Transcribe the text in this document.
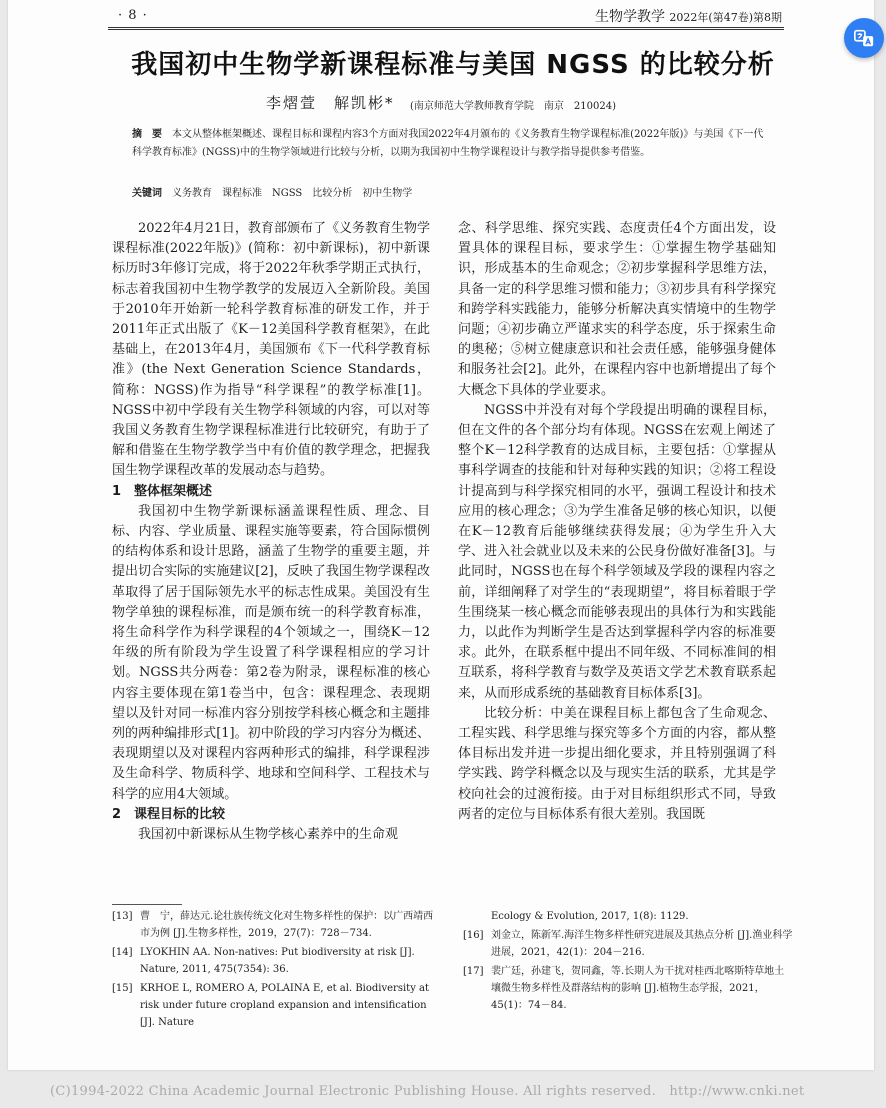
· 8 ·	生物学教学 2022年(第47卷)第8期
我国初中生物学新课程标准与美国 NGSS 的比较分析
李熠萱　解凯彬* (南京师范大学教师教育学院　南京　210024)
摘　要 本文从整体框架概述、课程目标和课程内容3个方面对我国2022年4月颁布的《义务教育生物学课程标准(2022年版)》与美国《下一代科学教育标准》(NGSS)中的生物学领域进行比较与分析，以期为我国初中生物学课程设计与教学指导提供参考借鉴。
关键词 义务教育　课程标准　NGSS　比较分析　初中生物学

2022年4月21日，教育部颁布了《义务教育生物学课程标准(2022年版)》(简称：初中新课标)，初中新课标历时3年修订完成，将于2022年秋季学期正式执行，标志着我国初中生物学教学的发展迈入全新阶段。美国于2010年开始新一轮科学教育标准的研发工作，并于2011年正式出版了《K－12美国科学教育框架》，在此基础上，在2013年4月，美国颁布《下一代科学教育标准》(the Next Generation Science Standards，简称：NGSS)作为指导“科学课程”的教学标准[1]。NGSS中初中学段有关生物学科领域的内容，可以对等我国义务教育生物学课程标准进行比较研究，有助于了解和借鉴在生物学教学当中有价值的教学理念，把握我国生物学课程改革的发展动态与趋势。

1　整体框架概述

我国初中生物学新课标涵盖课程性质、理念、目标、内容、学业质量、课程实施等要素，符合国际惯例的结构体系和设计思路，涵盖了生物学的重要主题，并提出切合实际的实施建议[2]，反映了我国生物学课程改革取得了居于国际领先水平的标志性成果。美国没有生物学单独的课程标准，而是颁布统一的科学教育标准，将生命科学作为科学课程的4个领域之一，围绕K－12年级的所有阶段为学生设置了科学课程相应的学习计划。NGSS共分两卷：第2卷为附录，课程标准的核心内容主要体现在第1卷当中，包含：课程理念、表现期望以及针对同一标准内容分别按学科核心概念和主题排列的两种编排形式[1]。初中阶段的学习内容分为概述、表现期望以及对课程内容两种形式的编排，科学课程涉及生命科学、物质科学、地球和空间科学、工程技术与科学的应用4大领域。

2　课程目标的比较

我国初中新课标从生物学核心素养中的生命观

念、科学思维、探究实践、态度责任4个方面出发，设置具体的课程目标，要求学生：①掌握生物学基础知识，形成基本的生命观念；②初步掌握科学思维方法，具备一定的科学思维习惯和能力；③初步具有科学探究和跨学科实践能力，能够分析解决真实情境中的生物学问题；④初步确立严谨求实的科学态度，乐于探索生命的奥秘；⑤树立健康意识和社会责任感，能够强身健体和服务社会[2]。此外，在课程内容中也新增提出了每个大概念下具体的学业要求。

NGSS中并没有对每个学段提出明确的课程目标，但在文件的各个部分均有体现。NGSS在宏观上阐述了整个K－12科学教育的达成目标，主要包括：①掌握从事科学调查的技能和针对每种实践的知识；②将工程设计提高到与科学探究相同的水平，强调工程设计和技术应用的核心理念；③为学生准备足够的核心知识，以便在K－12教育后能够继续获得发展；④为学生升入大学、进入社会就业以及未来的公民身份做好准备[3]。与此同时，NGSS也在每个科学领域及学段的课程内容之前，详细阐释了对学生的“表现期望”，将目标着眼于学生围绕某一核心概念而能够表现出的具体行为和实践能力，以此作为判断学生是否达到掌握科学内容的标准要求。此外，在联系框中提出不同年级、不同标准间的相互联系，将科学教育与数学及英语文学艺术教育联系起来，从而形成系统的基础教育目标体系[3]。

比较分析：中美在课程目标上都包含了生命观念、工程实践、科学思维与探究等多个方面的内容，都从整体目标出发并进一步提出细化要求，并且特别强调了科学实践、跨学科概念以及与现实生活的联系，尤其是学校向社会的过渡衔接。由于对目标组织形式不同，导致两者的定位与目标体系有很大差别。我国既

[13] 曹　宁，薛达元.论壮族传统文化对生物多样性的保护：以广西靖西市为例 [J].生物多样性，2019，27(7)：728－734.
[14] LYOKHIN AA. Non-natives: Put biodiversity at risk [J]. Nature, 2011, 475(7354): 36.
[15] KRHOE L, ROMERO A, POLAINA E, et al. Biodiversity at risk under future cropland expansion and intensification [J]. Nature
Ecology & Evolution, 2017, 1(8): 1129.
[16] 刘金立，陈新军.海洋生物多样性研究进展及其热点分析 [J].渔业科学进展，2021，42(1)：204－216.
[17] 裴广廷，孙建飞，贺同鑫，等.长期人为干扰对桂西北喀斯特草地土壤微生物多样性及群落结构的影响 [J].植物生态学报，2021，45(1)：74－84.
(C)1994-2022 China Academic Journal Electronic Publishing House. All rights reserved.　http://www.cnki.net
